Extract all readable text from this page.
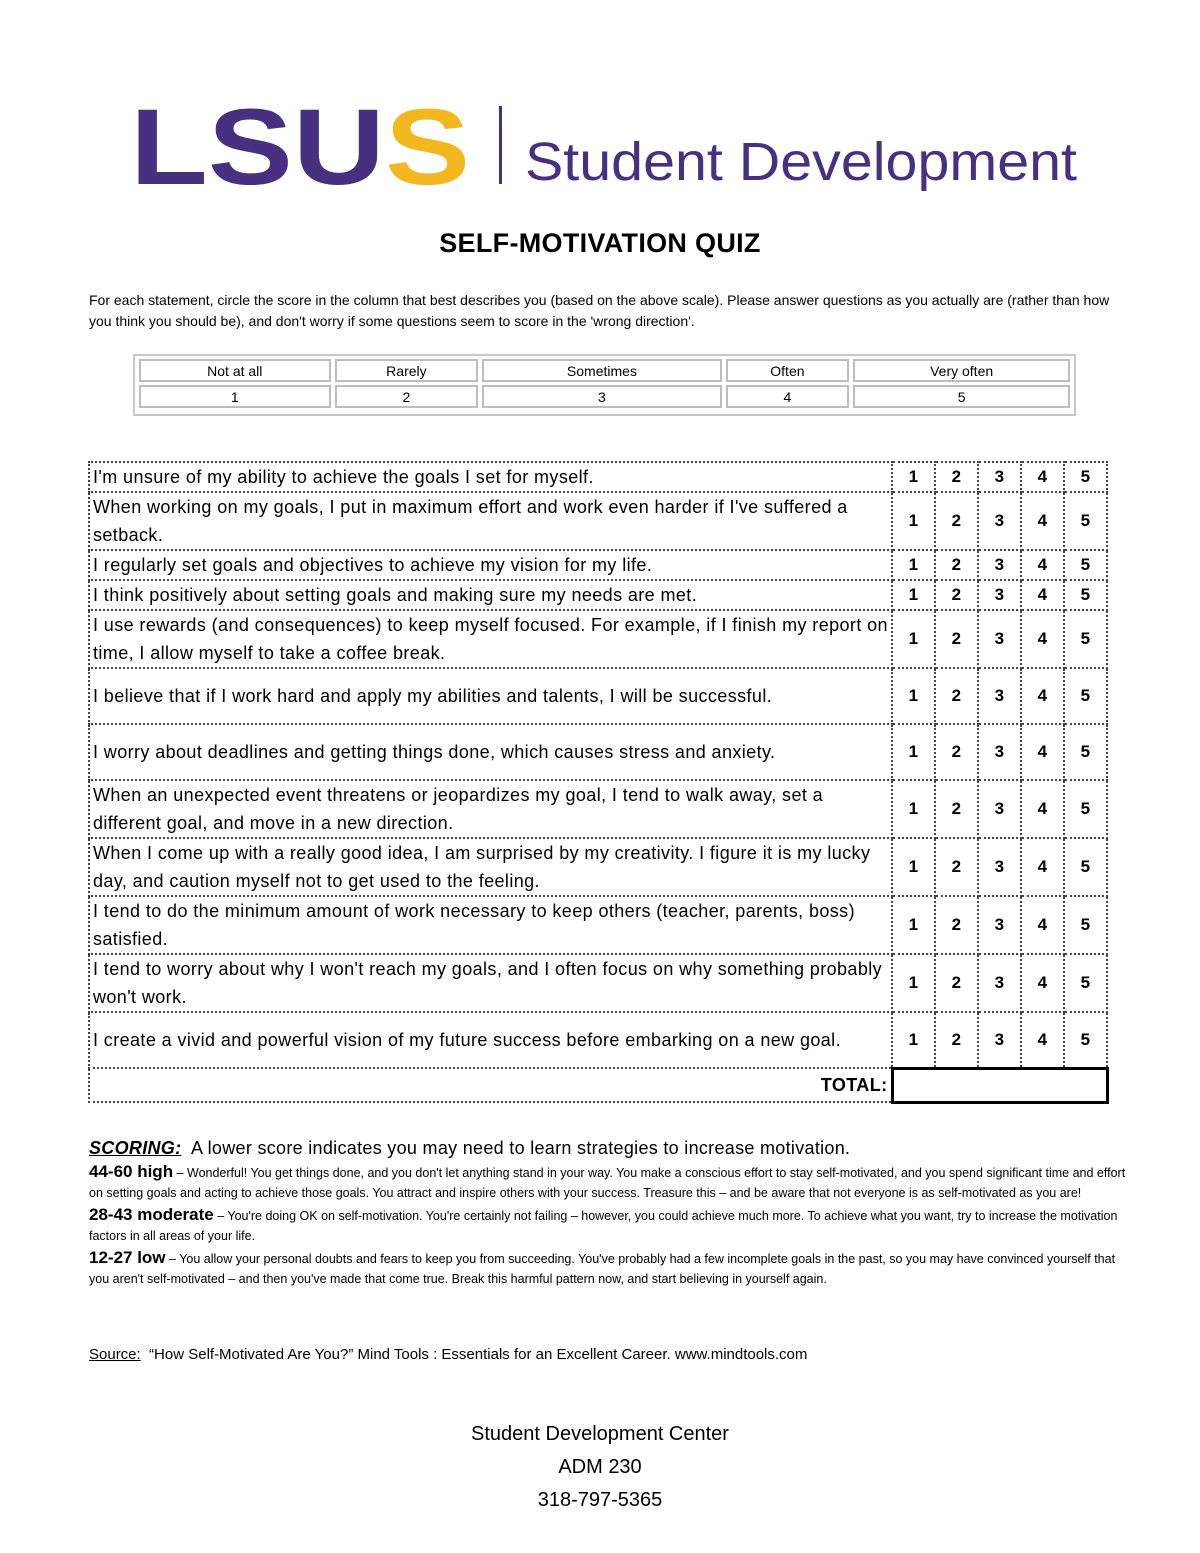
LSU S Student Development
SELF-MOTIVATION QUIZ
For each statement, circle the score in the column that best describes you (based on the above scale). Please answer questions as you actually are (rather than how you think you should be), and don't worry if some questions seem to score in the 'wrong direction'.
Not at all	Rarely	Sometimes	Often	Very often
1	2	3	4	5
I'm unsure of my ability to achieve the goals I set for myself.	1	2	3	4	5
When working on my goals, I put in maximum effort and work even harder if I've suffered a setback.	1	2	3	4	5
I regularly set goals and objectives to achieve my vision for my life.	1	2	3	4	5
I think positively about setting goals and making sure my needs are met.	1	2	3	4	5
I use rewards (and consequences) to keep myself focused. For example, if I finish my report on time, I allow myself to take a coffee break.	1	2	3	4	5
I believe that if I work hard and apply my abilities and talents, I will be successful.	1	2	3	4	5
I worry about deadlines and getting things done, which causes stress and anxiety.	1	2	3	4	5
When an unexpected event threatens or jeopardizes my goal, I tend to walk away, set a different goal, and move in a new direction.	1	2	3	4	5
When I come up with a really good idea, I am surprised by my creativity. I figure it is my lucky day, and caution myself not to get used to the feeling.	1	2	3	4	5
I tend to do the minimum amount of work necessary to keep others (teacher, parents, boss) satisfied.	1	2	3	4	5
I tend to worry about why I won't reach my goals, and I often focus on why something probably won't work.	1	2	3	4	5
I create a vivid and powerful vision of my future success before embarking on a new goal.	1	2	3	4	5
TOTAL:					
SCORING: A lower score indicates you may need to learn strategies to increase motivation.
44-60 high – Wonderful! You get things done, and you don't let anything stand in your way. You make a conscious effort to stay self-motivated, and you spend significant time and effort on setting goals and acting to achieve those goals. You attract and inspire others with your success. Treasure this – and be aware that not everyone is as self-motivated as you are!
28-43 moderate – You're doing OK on self-motivation. You're certainly not failing – however, you could achieve much more. To achieve what you want, try to increase the motivation factors in all areas of your life.
12-27 low – You allow your personal doubts and fears to keep you from succeeding. You've probably had a few incomplete goals in the past, so you may have convinced yourself that you aren't self-motivated – and then you've made that come true. Break this harmful pattern now, and start believing in yourself again.
Source: “How Self-Motivated Are You?” Mind Tools : Essentials for an Excellent Career. www.mindtools.com
Student Development Center
ADM 230
318-797-5365
